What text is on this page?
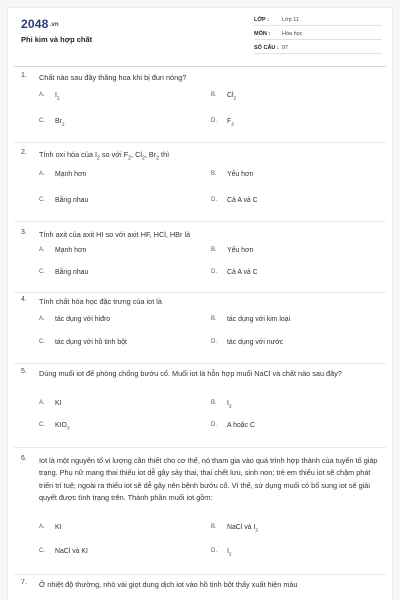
2048.vn
Phi kim và hợp chất
LỚP : Lớp 11
MÔN : Hóa học
SỐ CÂU : 97
1. Chất nào sau đây thăng hoa khi bị đun nóng?
A. $I_2$
B. $Cl_2$
C. $Br_2$
D. $F_2$
2. Tính oxi hóa của $I_2$ so với $F_2$, $Cl_2$, $Br_2$ thì
A. Mạnh hơn	B. Yếu hơn
C. Bằng nhau	D. Cả A và C
3. Tính axit của axit HI so với axit HF, HCl, HBr là
A. Mạnh hơn	B. Yếu hơn
C. Bằng nhau	D. Cả A và C
4. Tính chất hóa học đặc trưng của iot là
A. tác dụng với hiđro	B. tác dụng với kim loại
C. tác dụng với hồ tinh bột	D. tác dụng với nước
5. Dùng muối iot để phòng chống bướu cổ. Muối iot là hỗn hợp muối NaCl và chất nào sau đây?
A. KI	B. $I_2$
C. $KIO_3$
D. A hoặc C
6. Iot là một nguyên tố vi lượng cần thiết cho cơ thể, nó tham gia vào quá trình hợp thành của tuyến tố giáp trạng. Phụ nữ mang thai thiếu iot dễ gây sảy thai, thai chết lưu, sinh non; trẻ em thiếu iot sẽ chậm phát triển trí tuệ; ngoài ra thiếu iot sẽ dễ gây nên bệnh bướu cổ. Vì thế, sử dụng muối có bổ sung iot sẽ giải quyết được tình trạng trên. Thành phần muối iot gồm:
A. KI	B. NaCl và $I_2$
C. NaCl và KI	D. $I_2$
7. Ở nhiệt độ thường, nhỏ vài giọt dung dịch iot vào hồ tinh bột thấy xuất hiện màu
